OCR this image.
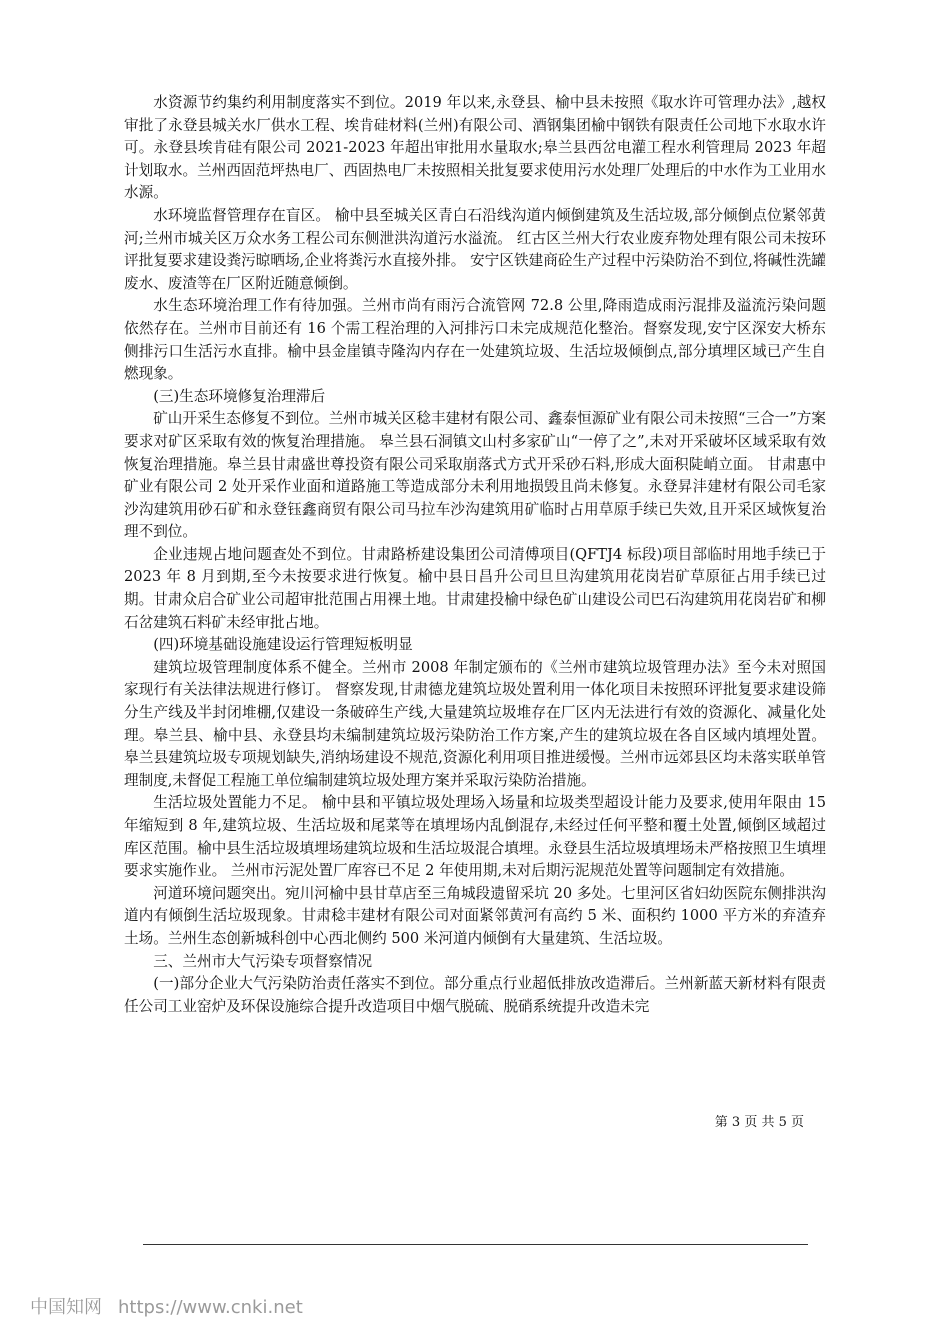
水资源节约集约利用制度落实不到位。2019 年以来,永登县、榆中县未按照《取水许可管理办法》,越权审批了永登县城关水厂供水工程、埃肯硅材料(兰州)有限公司、酒钢集团榆中钢铁有限责任公司地下水取水许可。永登县埃肯硅有限公司 2021-2023 年超出审批用水量取水;皋兰县西岔电灌工程水利管理局 2023 年超计划取水。兰州西固范坪热电厂、西固热电厂未按照相关批复要求使用污水处理厂处理后的中水作为工业用水水源。

水环境监督管理存在盲区。 榆中县至城关区青白石沿线沟道内倾倒建筑及生活垃圾,部分倾倒点位紧邻黄河;兰州市城关区万众水务工程公司东侧泄洪沟道污水溢流。 红古区兰州大行农业废弃物处理有限公司未按环评批复要求建设粪污晾晒场,企业将粪污水直接外排。 安宁区铁建商砼生产过程中污染防治不到位,将碱性洗罐废水、废渣等在厂区附近随意倾倒。

水生态环境治理工作有待加强。兰州市尚有雨污合流管网 72.8 公里,降雨造成雨污混排及溢流污染问题依然存在。兰州市目前还有 16 个需工程治理的入河排污口未完成规范化整治。督察发现,安宁区深安大桥东侧排污口生活污水直排。榆中县金崖镇寺隆沟内存在一处建筑垃圾、生活垃圾倾倒点,部分填埋区域已产生自燃现象。

(三)生态环境修复治理滞后

矿山开采生态修复不到位。兰州市城关区稔丰建材有限公司、鑫泰恒源矿业有限公司未按照“三合一”方案要求对矿区采取有效的恢复治理措施。 皋兰县石洞镇文山村多家矿山“一停了之”,未对开采破坏区域采取有效恢复治理措施。皋兰县甘肃盛世尊投资有限公司采取崩落式方式开采砂石料,形成大面积陡峭立面。 甘肃惠中矿业有限公司 2 处开采作业面和道路施工等造成部分未利用地损毁且尚未修复。永登昇沣建材有限公司毛家沙沟建筑用砂石矿和永登钰鑫商贸有限公司马拉车沙沟建筑用矿临时占用草原手续已失效,且开采区域恢复治理不到位。

企业违规占地问题查处不到位。甘肃路桥建设集团公司清傅项目(QFTJ4 标段)项目部临时用地手续已于 2023 年 8 月到期,至今未按要求进行恢复。榆中县日昌升公司旦旦沟建筑用花岗岩矿草原征占用手续已过期。甘肃众启合矿业公司超审批范围占用裸土地。甘肃建投榆中绿色矿山建设公司巴石沟建筑用花岗岩矿和柳石岔建筑石料矿未经审批占地。

(四)环境基础设施建设运行管理短板明显

建筑垃圾管理制度体系不健全。兰州市 2008 年制定颁布的《兰州市建筑垃圾管理办法》至今未对照国家现行有关法律法规进行修订。 督察发现,甘肃德龙建筑垃圾处置利用一体化项目未按照环评批复要求建设筛分生产线及半封闭堆棚,仅建设一条破碎生产线,大量建筑垃圾堆存在厂区内无法进行有效的资源化、减量化处理。皋兰县、榆中县、永登县均未编制建筑垃圾污染防治工作方案,产生的建筑垃圾在各自区域内填埋处置。皋兰县建筑垃圾专项规划缺失,消纳场建设不规范,资源化利用项目推进缓慢。兰州市远郊县区均未落实联单管理制度,未督促工程施工单位编制建筑垃圾处理方案并采取污染防治措施。

生活垃圾处置能力不足。 榆中县和平镇垃圾处理场入场量和垃圾类型超设计能力及要求,使用年限由 15 年缩短到 8 年,建筑垃圾、生活垃圾和尾菜等在填埋场内乱倒混存,未经过任何平整和覆土处置,倾倒区域超过库区范围。榆中县生活垃圾填埋场建筑垃圾和生活垃圾混合填埋。永登县生活垃圾填埋场未严格按照卫生填埋要求实施作业。 兰州市污泥处置厂库容已不足 2 年使用期,未对后期污泥规范处置等问题制定有效措施。

河道环境问题突出。宛川河榆中县甘草店至三角城段遗留采坑 20 多处。七里河区省妇幼医院东侧排洪沟道内有倾倒生活垃圾现象。甘肃稔丰建材有限公司对面紧邻黄河有高约 5 米、面积约 1000 平方米的弃渣弃土场。兰州生态创新城科创中心西北侧约 500 米河道内倾倒有大量建筑、生活垃圾。

三、兰州市大气污染专项督察情况

(一)部分企业大气污染防治责任落实不到位。部分重点行业超低排放改造滞后。兰州新蓝天新材料有限责任公司工业窑炉及环保设施综合提升改造项目中烟气脱硫、脱硝系统提升改造未完

第 3 页 共 5 页
中国知网 https://www.cnki.net
